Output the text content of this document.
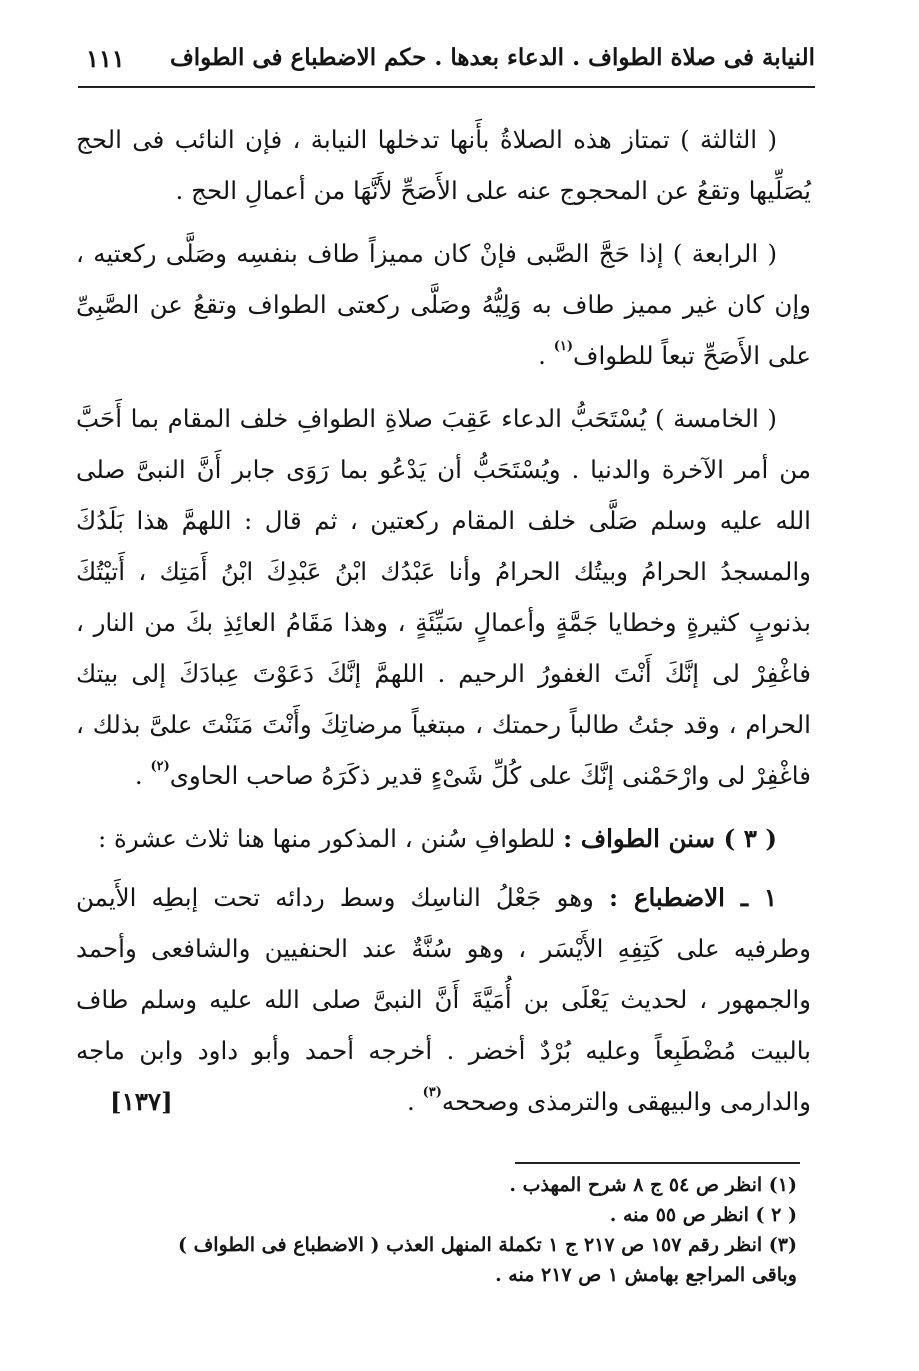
النيابة فى صلاة الطواف . الدعاء بعدها . حكم الاضطباع فى الطواف
١١١

( الثالثة ) تمتاز هذه الصلاةُ بأَنها تدخلها النيابة ، فإن النائب فى الحج يُصَلِّيها وتقعُ عن المحجوج عنه على الأَصَحِّ لأَنَّهَا من أعمالِ الحج .

( الرابعة ) إذا حَجَّ الصَّبى فإنْ كان مميزاً طاف بنفسِه وصَلَّى ركعتيه ، وإن كان غير مميز طاف به وَلِيُّهُ وصَلَّى ركعتى الطواف وتقعُ عن الصَّبِىِّ على الأَصَحِّ تبعاً للطواف$^{(١)}$ .

( الخامسة ) يُسْتَحَبُّ الدعاء عَقِبَ صلاةِ الطوافِ خلف المقام بما أَحَبَّ من أمر الآخرة والدنيا . ويُسْتَحَبُّ أن يَدْعُو بما رَوَى جابر أَنَّ النبىَّ صلى الله عليه وسلم صَلَّى خلف المقام ركعتين ، ثم قال : اللهمَّ هذا بَلَدُكَ والمسجدُ الحرامُ وبيتُك الحرامُ وأنا عَبْدُك ابْنُ عَبْدِكَ ابْنُ أَمَتِك ، أَتيْتُكَ بذنوبٍ كثيرةٍ وخطايا جَمَّةٍ وأعمالٍ سَيِّئَةٍ ، وهذا مَقَامُ العائِذِ بكَ من النار ، فاغْفِرْ لى إنَّكَ أَنْتَ الغفورُ الرحيم . اللهمَّ إنَّكَ دَعَوْتَ عِبادَكَ إلى بيتك الحرام ، وقد جئتُ طالباً رحمتك ، مبتغياً مرضاتِكَ وأَنْتَ مَنَنْتَ علىَّ بذلك ، فاغْفِرْ لى وارْحَمْنى إنَّكَ على كُلِّ شَىْءٍ قدير ذكَرَهُ صاحب الحاوى$^{(٢)}$ .

( ٣ ) سنن الطواف : للطوافِ سُنن ، المذكور منها هنا ثلاث عشرة :

١ ـ الاضطباع : وهو جَعْلُ الناسِك وسط ردائه تحت إبطِه الأَيمن وطرفيه على كَتِفِهِ الأَيْسَر ، وهو سُنَّةٌ عند الحنفيين والشافعى وأحمد والجمهور ، لحديث يَعْلَى بن أُمَيَّةَ أَنَّ النبىَّ صلى الله عليه وسلم طاف بالبيت مُضْطَبِعاً وعليه بُرْدٌ أخضر . أخرجه أحمد وأبو داود وابن ماجه والدارمى والبيهقى والترمذى وصححه$^{(٣)}$ .
[١٣٧]

(١) انظر ص ٥٤ ج ٨ شرح المهذب .

( ٢ ) انظر ص ٥٥ منه .

(٣) انظر رقم ١٥٧ ص ٢١٧ ج ١ تكملة المنهل العذب ( الاضطباع فى الطواف )

وباقى المراجع بهامش ١ ص ٢١٧ منه .
